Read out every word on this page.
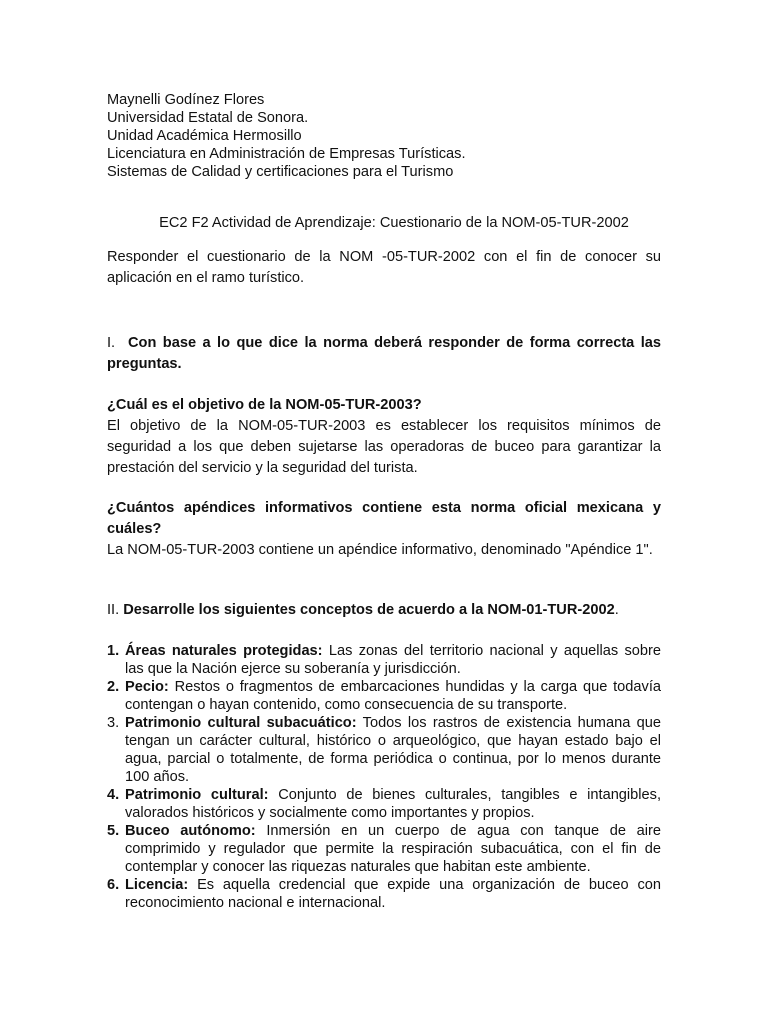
Maynelli Godínez Flores
Universidad Estatal de Sonora.
Unidad Académica Hermosillo
Licenciatura en Administración de Empresas Turísticas.
Sistemas de Calidad y certificaciones para el Turismo
EC2 F2 Actividad de Aprendizaje: Cuestionario de la NOM-05-TUR-2002
Responder el cuestionario de la NOM -05-TUR-2002 con el fin de conocer su aplicación en el ramo turístico.
I. Con base a lo que dice la norma deberá responder de forma correcta las preguntas.
¿Cuál es el objetivo de la NOM-05-TUR-2003?
El objetivo de la NOM-05-TUR-2003 es establecer los requisitos mínimos de seguridad a los que deben sujetarse las operadoras de buceo para garantizar la prestación del servicio y la seguridad del turista.
¿Cuántos apéndices informativos contiene esta norma oficial mexicana y cuáles?
La NOM-05-TUR-2003 contiene un apéndice informativo, denominado "Apéndice 1".
II. Desarrolle los siguientes conceptos de acuerdo a la NOM-01-TUR-2002.
1. Áreas naturales protegidas: Las zonas del territorio nacional y aquellas sobre las que la Nación ejerce su soberanía y jurisdicción.
2. Pecio: Restos o fragmentos de embarcaciones hundidas y la carga que todavía contengan o hayan contenido, como consecuencia de su transporte.
3. Patrimonio cultural subacuático: Todos los rastros de existencia humana que tengan un carácter cultural, histórico o arqueológico, que hayan estado bajo el agua, parcial o totalmente, de forma periódica o continua, por lo menos durante 100 años.
4. Patrimonio cultural: Conjunto de bienes culturales, tangibles e intangibles, valorados históricos y socialmente como importantes y propios.
5. Buceo autónomo: Inmersión en un cuerpo de agua con tanque de aire comprimido y regulador que permite la respiración subacuática, con el fin de contemplar y conocer las riquezas naturales que habitan este ambiente.
6. Licencia: Es aquella credencial que expide una organización de buceo con reconocimiento nacional e internacional.
